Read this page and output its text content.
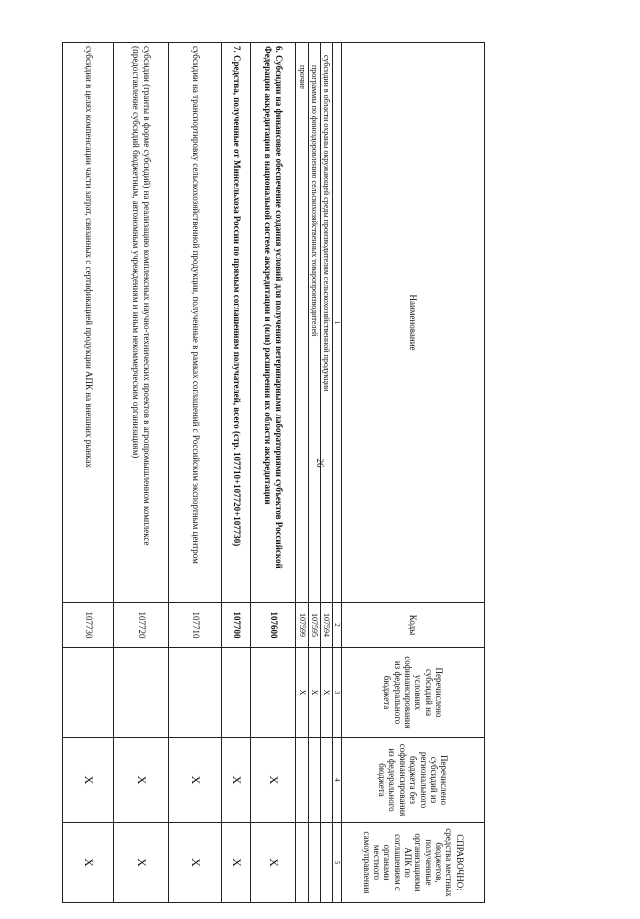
26
Наименование	Коды	Перечислено субсидий на условиях софинансирования из федерального бюджета	Перечислено субсидий из регионального бюджета без софинансирования из федерального бюджета	СПРАВОЧНО: средства местных бюджетов, полученные организациями АПК по соглашениям с органами местного самоуправления
1	2	3	4	5
субсидии в области охраны окружающей среды производителям сельскохозяйственной продукции	107594	X		
программы по финоздоровлению сельскохозяйственных товаропроизводителей	107595	X		
прочие	107599	X		
6. Субсидии на финансовое обеспечение создания условий для получения ветеринарными лабораториями субъектов Российской Федерации аккредитации в национальной системе аккредитации и (или) расширения их области аккредитации	107600		X	X
7. Средства, полученные от Минсельхоза России по прямым соглашениям получателей, всего (стр. 107710+107720+107730)	107700		X	X
субсидии на транспортировку сельскохозяйственной продукции, полученные в рамках соглашений с Российским экспортным центром	107710		X	X
субсидии (гранты в форме субсидий) на реализацию комплексных научно-технических проектов в агропромышленном комплексе (предоставление субсидий бюджетным, автономным учреждениям и иным некоммерческим организациям)	107720		X	X
субсидии в целях компенсации части затрат, связанных с сертификацией продукции АПК на внешних рынках	107730		X	X
